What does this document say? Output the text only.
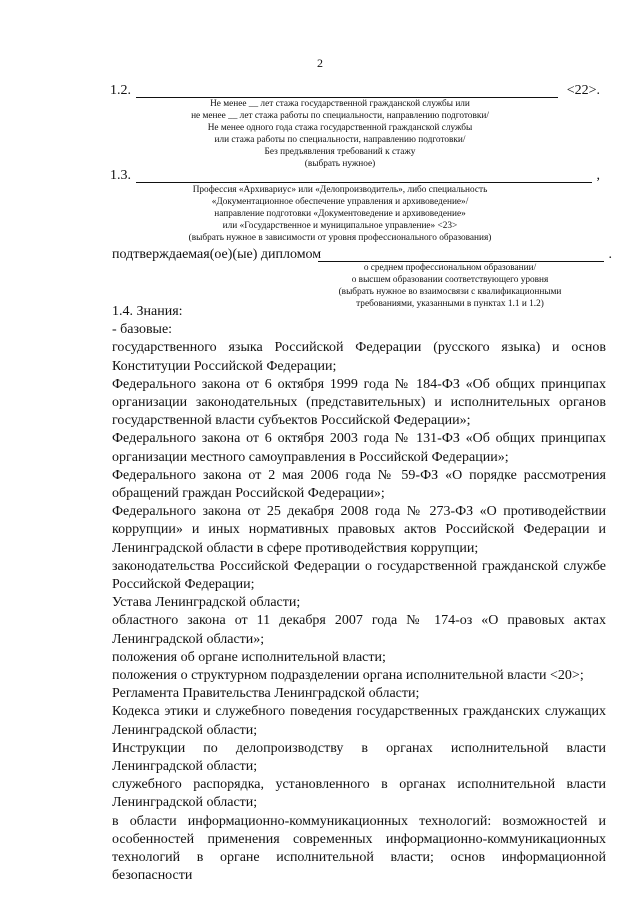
2
1.2.	<22>.
Не менее __ лет стажа государственной гражданской службы или
не менее __ лет стажа работы по специальности, направлению подготовки/
Не менее одного года стажа государственной гражданской службы
или стажа работы по специальности, направлению подготовки/
Без предъявления требований к стажу
(выбрать нужное)
1.3.	,
Профессия «Архивариус» или «Делопроизводитель», либо специальность
«Документационное обеспечение управления и архивоведение»/
направление подготовки «Документоведение и архивоведение»
или «Государственное и муниципальное управление» <23>
(выбрать нужное в зависимости от уровня профессионального образования)
подтверждаемая(ое)(ые) дипломом	.
о среднем профессиональном образовании/
о высшем образовании соответствующего уровня
(выбрать нужное во взаимосвязи с квалификационными
требованиями, указанными в пунктах 1.1 и 1.2)

1.4. Знания:

- базовые:

государственного языка Российской Федерации (русского языка) и основ Конституции Российской Федерации;

Федерального закона от 6 октября 1999 года № 184-ФЗ «Об общих принципах организации законодательных (представительных) и исполнительных органов государственной власти субъектов Российской Федерации»;

Федерального закона от 6 октября 2003 года № 131-ФЗ «Об общих принципах организации местного самоуправления в Российской Федерации»;

Федерального закона от 2 мая 2006 года № 59-ФЗ «О порядке рассмотрения обращений граждан Российской Федерации»;

Федерального закона от 25 декабря 2008 года № 273-ФЗ «О противодействии коррупции» и иных нормативных правовых актов Российской Федерации и Ленинградской области в сфере противодействия коррупции;

законодательства Российской Федерации о государственной гражданской службе Российской Федерации;

Устава Ленинградской области;

областного закона от 11 декабря 2007 года № 174-оз «О правовых актах Ленинградской области»;

положения об органе исполнительной власти;

положения о структурном подразделении органа исполнительной власти <20>;

Регламента Правительства Ленинградской области;

Кодекса этики и служебного поведения государственных гражданских служащих Ленинградской области;

Инструкции по делопроизводству в органах исполнительной власти Ленинградской области;

служебного распорядка, установленного в органах исполнительной власти Ленинградской области;

в области информационно-коммуникационных технологий: возможностей и особенностей применения современных информационно-коммуникационных технологий в органе исполнительной власти; основ информационной безопасности
